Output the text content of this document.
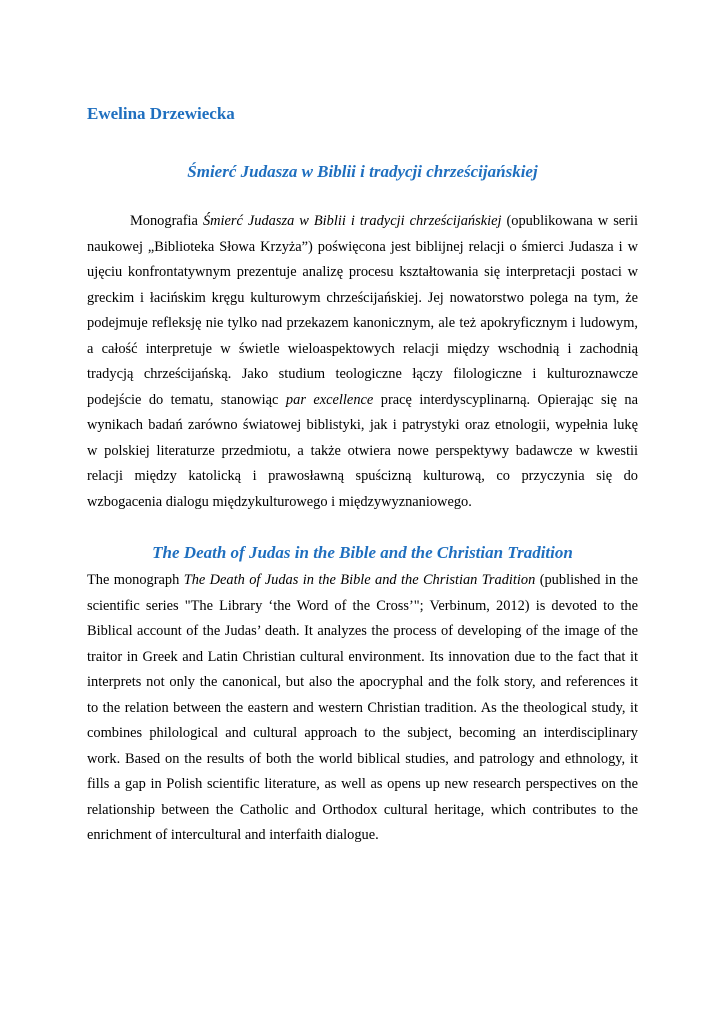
Ewelina Drzewiecka
Śmierć Judasza w Biblii i tradycji chrześcijańskiej
Monografia Śmierć Judasza w Biblii i tradycji chrześcijańskiej (opublikowana w serii
naukowej „Biblioteka Słowa Krzyża”) poświęcona jest biblijnej relacji o śmierci Judasza i w
ujęciu konfrontatywnym prezentuje analizę procesu kształtowania się interpretacji postaci w
greckim i łacińskim kręgu kulturowym chrześcijańskiej. Jej nowatorstwo polega na tym, że
podejmuje refleksję nie tylko nad przekazem kanonicznym, ale też apokryficznym i ludowym,
a całość interpretuje w świetle wieloaspektowych relacji między wschodnią i zachodnią
tradycją chrześcijańską. Jako studium teologiczne łączy filologiczne i kulturoznawcze
podejście do tematu, stanowiąc par excellence pracę interdyscyplinarną. Opierając się na
wynikach badań zarówno światowej biblistyki, jak i patrystyki oraz etnologii, wypełnia lukę
w polskiej literaturze przedmiotu, a także otwiera nowe perspektywy badawcze w kwestii
relacji między katolicką i prawosławną spuścizną kulturową, co przyczynia się do
wzbogacenia dialogu międzykulturowego i międzywyznaniowego.
The Death of Judas in the Bible and the Christian Tradition
The monograph The Death of Judas in the Bible and the Christian Tradition (published in the
scientific series "The Library ‘the Word of the Cross’"; Verbinum, 2012) is devoted to the
Biblical account of the Judas’ death. It analyzes the process of developing of the image of the
traitor in Greek and Latin Christian cultural environment. Its innovation due to the fact that it
interprets not only the canonical, but also the apocryphal and the folk story, and references it
to the relation between the eastern and western Christian tradition. As the theological study, it
combines philological and cultural approach to the subject, becoming an interdisciplinary
work. Based on the results of both the world biblical studies, and patrology and ethnology, it
fills a gap in Polish scientific literature, as well as opens up new research perspectives on the
relationship between the Catholic and Orthodox cultural heritage, which contributes to the
enrichment of intercultural and interfaith dialogue.
